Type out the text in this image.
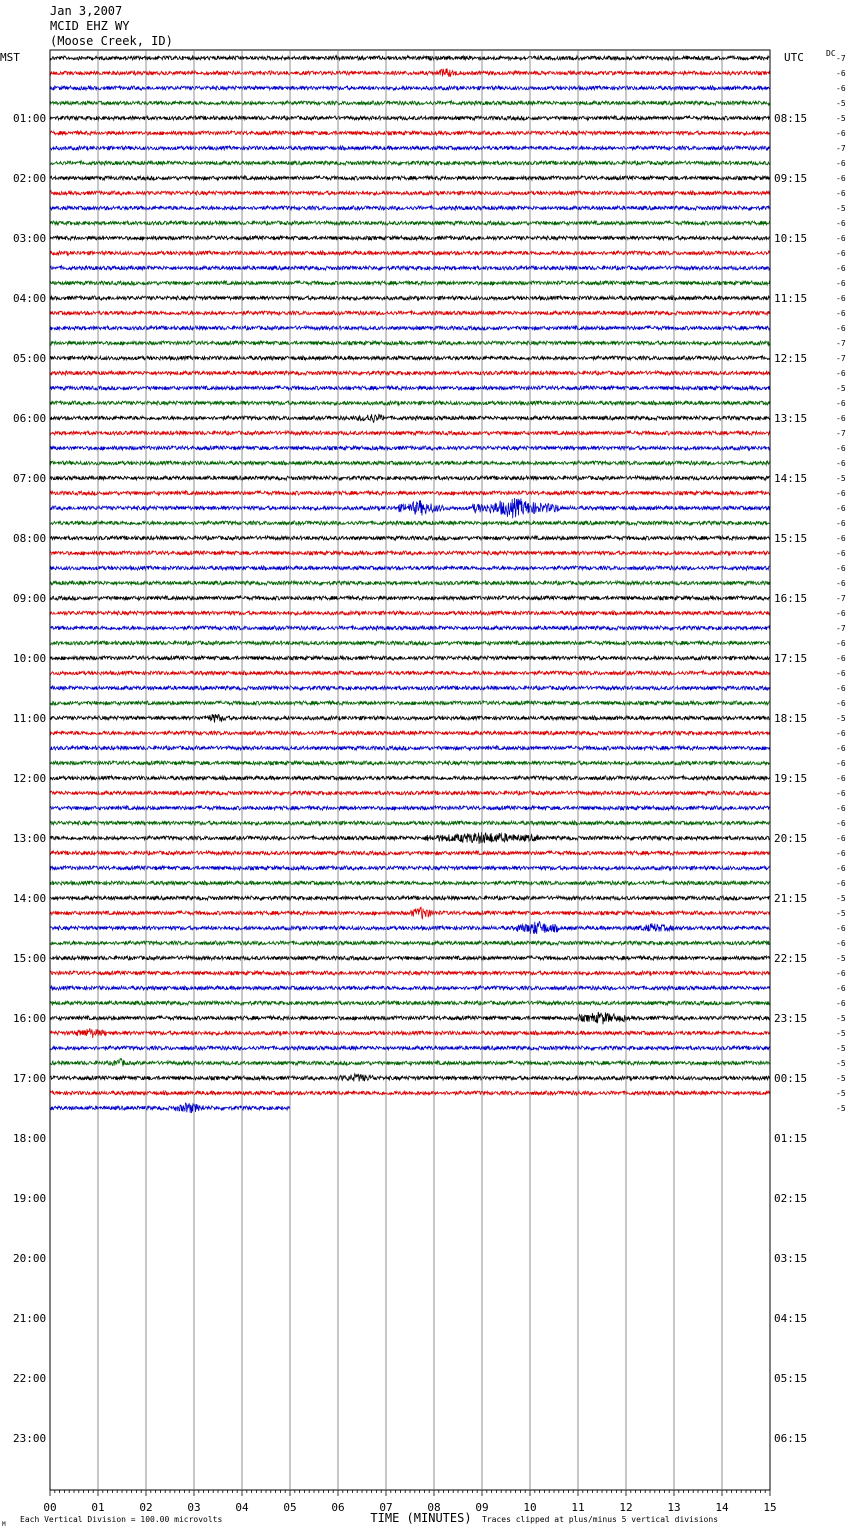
Jan 3,2007
MCID EHZ WY
(Moose Creek, ID)
00	01	02	03	04	05	06	07	08	09	10	11	12	13	14	15
01:00
02:00
03:00
04:00
05:00
06:00
07:00
08:00
09:00
10:00
11:00
12:00
13:00
14:00
15:00
16:00
17:00
18:00
19:00
20:00
21:00
22:00
23:00
08:15
09:15
10:15
11:15
12:15
13:15
14:15
15:15
16:15
17:15
18:15
19:15
20:15
21:15
22:15
23:15
00:15
01:15
02:15
03:15
04:15
05:15
06:15
-7
-6
-6
-5
-5
-6
-7
-6
-6
-6
-5
-6
-6
-6
-6
-6
-6
-6
-6
-7
-7
-6
-5
-6
-6
-7
-6
-6
-5
-6
-6
-6
-6
-6
-6
-6
-7
-6
-7
-6
-6
-6
-6
-6
-5
-6
-6
-6
-6
-6
-6
-6
-6
-6
-6
-6
-5
-5
-6
-6
-5
-6
-6
-6
-5
-5
-5
-5
-5
-5
-5
MST	UTC	DC
TIME (MINUTES)
Each Vertical Division = 100.00 microvolts	Traces clipped at plus/minus 5 vertical divisions
M
